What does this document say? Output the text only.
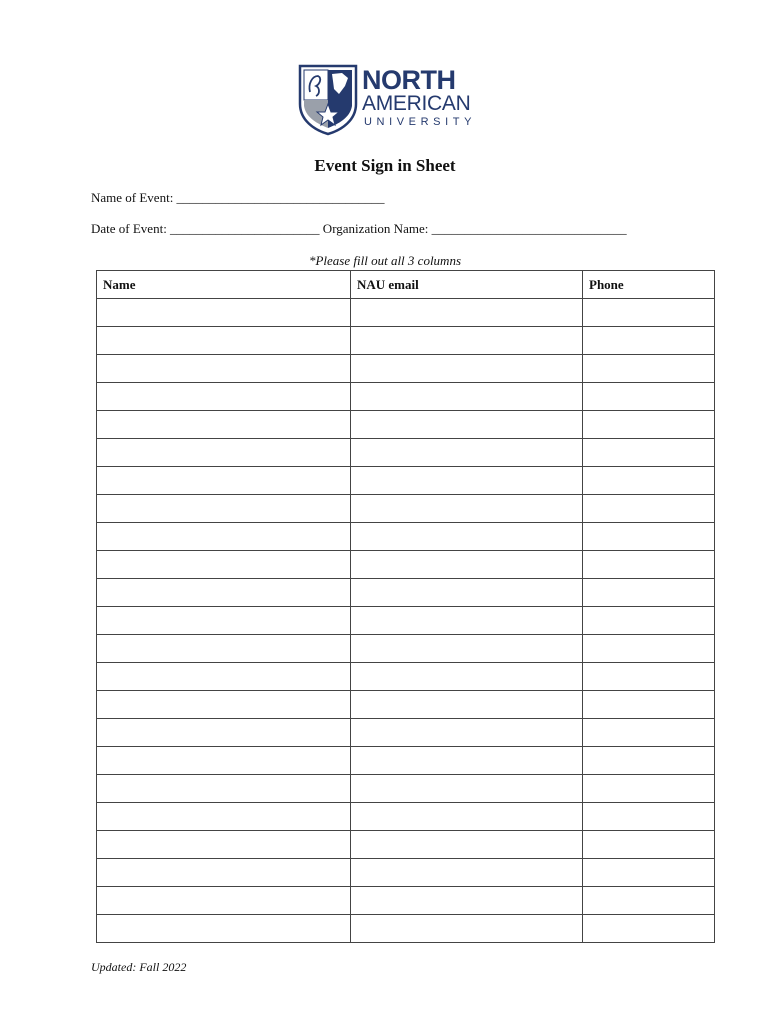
NORTH
AMERICAN
UNIVERSITY
Event Sign in Sheet
Name of Event: ________________________________
Date of Event: _______________________ Organization Name: ______________________________
*Please fill out all 3 columns
Name	NAU email	Phone

Updated: Fall 2022
